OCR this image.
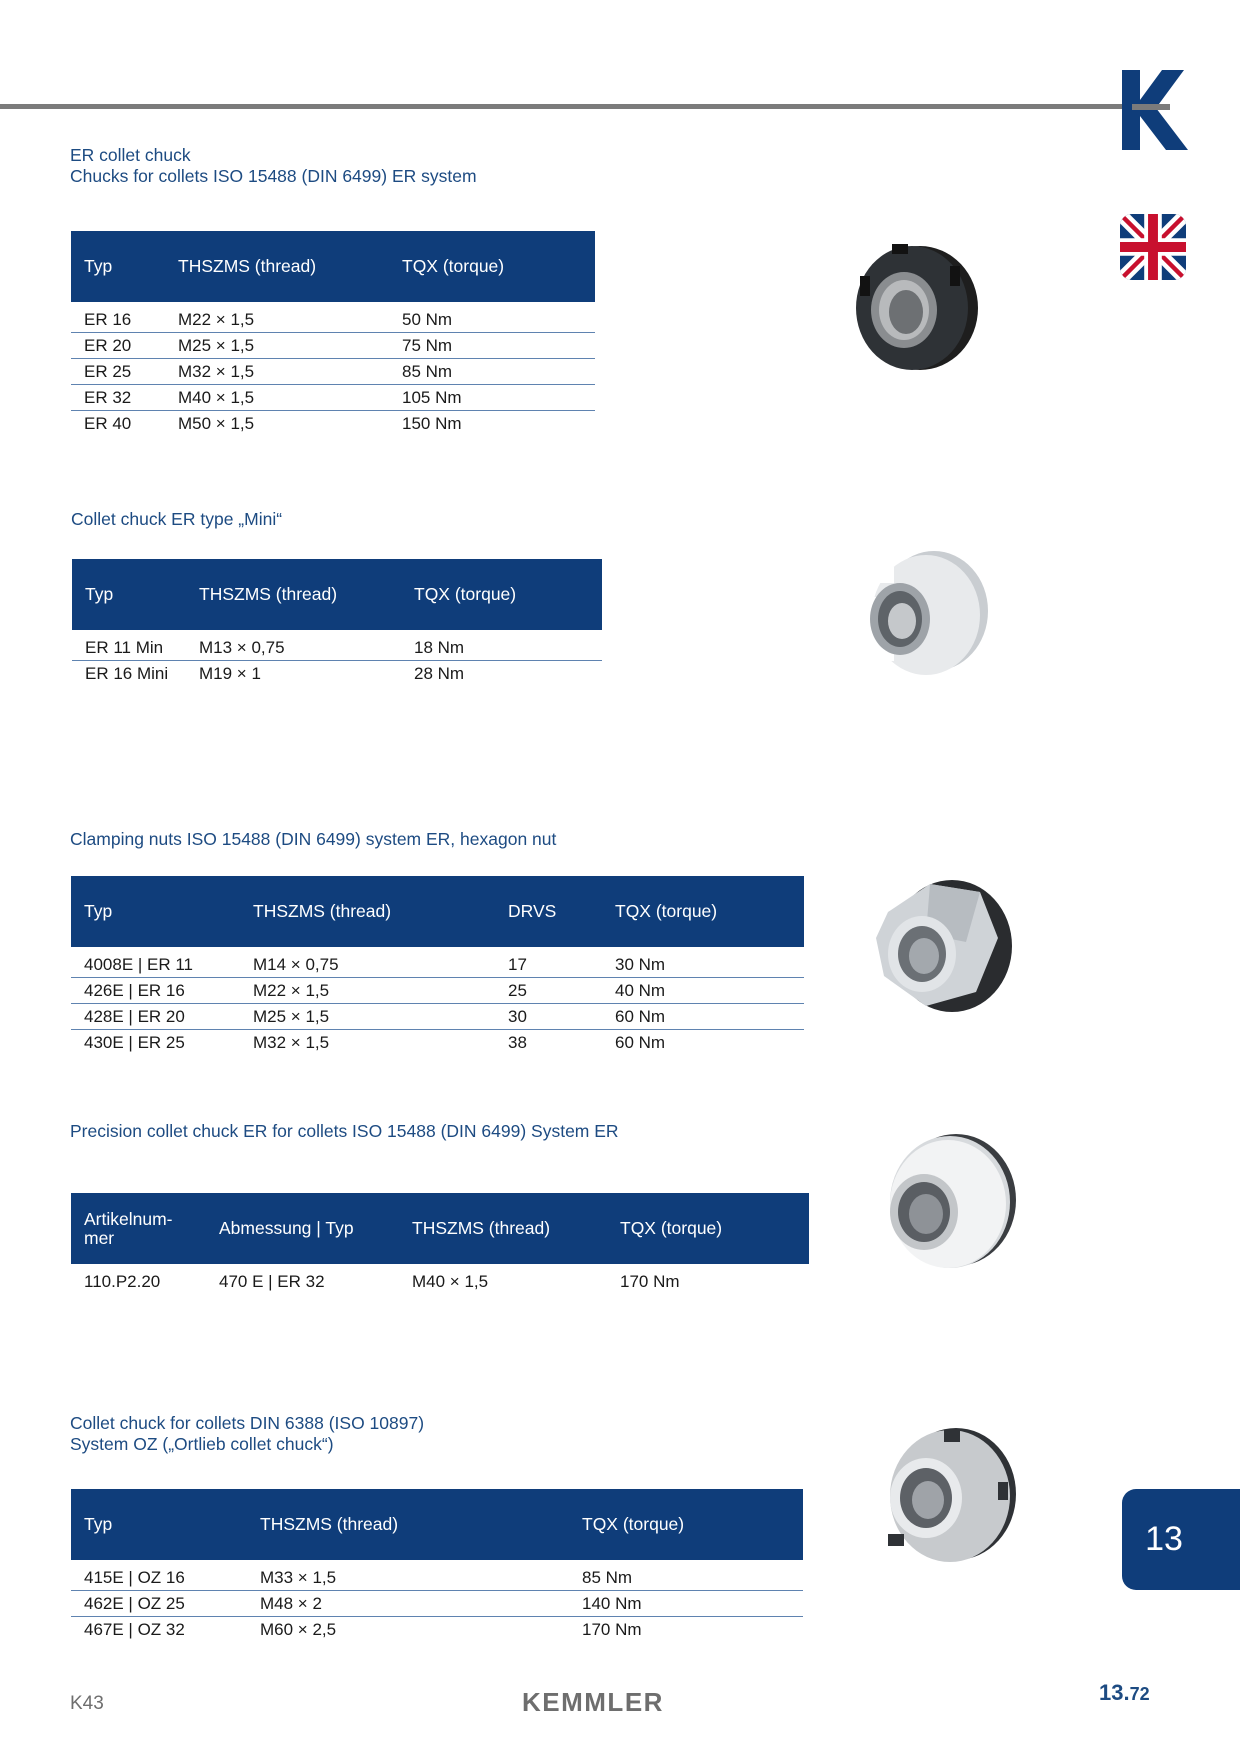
ER collet chuck
Chucks for collets ISO 15488 (DIN 6499) ER system
Typ	THSZMS (thread)	TQX (torque)
ER 16	M22 × 1,5	50 Nm
ER 20	M25 × 1,5	75 Nm
ER 25	M32 × 1,5	85 Nm
ER 32	M40 × 1,5	105 Nm
ER 40	M50 × 1,5	150 Nm
Collet chuck ER type „Mini“
Typ	THSZMS (thread)	TQX (torque)
ER 11 Min	M13 × 0,75	18 Nm
ER 16 Mini	M19 × 1	28 Nm
Clamping nuts ISO 15488 (DIN 6499) system ER, hexagon nut
Typ	THSZMS (thread)	DRVS	TQX (torque)
4008E | ER 11	M14 × 0,75	17	30 Nm
426E | ER 16	M22 × 1,5	25	40 Nm
428E | ER 20	M25 × 1,5	30	60 Nm
430E | ER 25	M32 × 1,5	38	60 Nm
Precision collet chuck ER for collets ISO 15488 (DIN 6499) System ER
Artikelnum-
mer	Abmessung | Typ	THSZMS (thread)	TQX (torque)
110.P2.20	470 E | ER 32	M40 × 1,5	170 Nm
Collet chuck for collets DIN 6388 (ISO 10897)
System OZ („Ortlieb collet chuck“)
Typ	THSZMS (thread)	TQX (torque)
415E | OZ 16	M33 × 1,5	85 Nm
462E | OZ 25	M48 × 2	140 Nm
467E | OZ 32	M60 × 2,5	170 Nm
13
K43	KEMMLER	13.72
